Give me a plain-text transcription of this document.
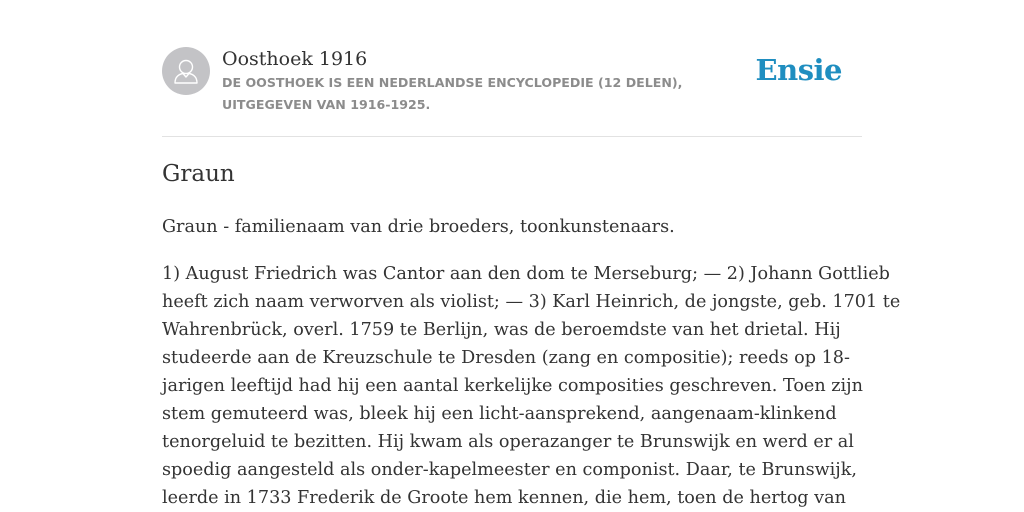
Oosthoek 1916
DE OOSTHOEK IS EEN NEDERLANDSE ENCYCLOPEDIE (12 DELEN), UITGEGEVEN VAN 1916-1925.
Ensie
Graun

Graun - familienaam van drie broeders, toonkunstenaars.

1) August Friedrich was Cantor aan den dom te Merseburg; — 2) Johann Gottlieb
heeft zich naam verworven als violist; — 3) Karl Heinrich, de jongste, geb. 1701 te
Wahrenbrück, overl. 1759 te Berlijn, was de beroemdste van het drietal. Hij
studeerde aan de Kreuzschule te Dresden (zang en compositie); reeds op 18-
jarigen leeftijd had hij een aantal kerkelijke composities geschreven. Toen zijn
stem gemuteerd was, bleek hij een licht-aansprekend, aangenaam-klinkend
tenorgeluid te bezitten. Hij kwam als operazanger te Brunswijk en werd er al
spoedig aangesteld als onder-kapelmeester en componist. Daar, te Brunswijk,
leerde in 1733 Frederik de Groote hem kennen, die hem, toen de hertog van
